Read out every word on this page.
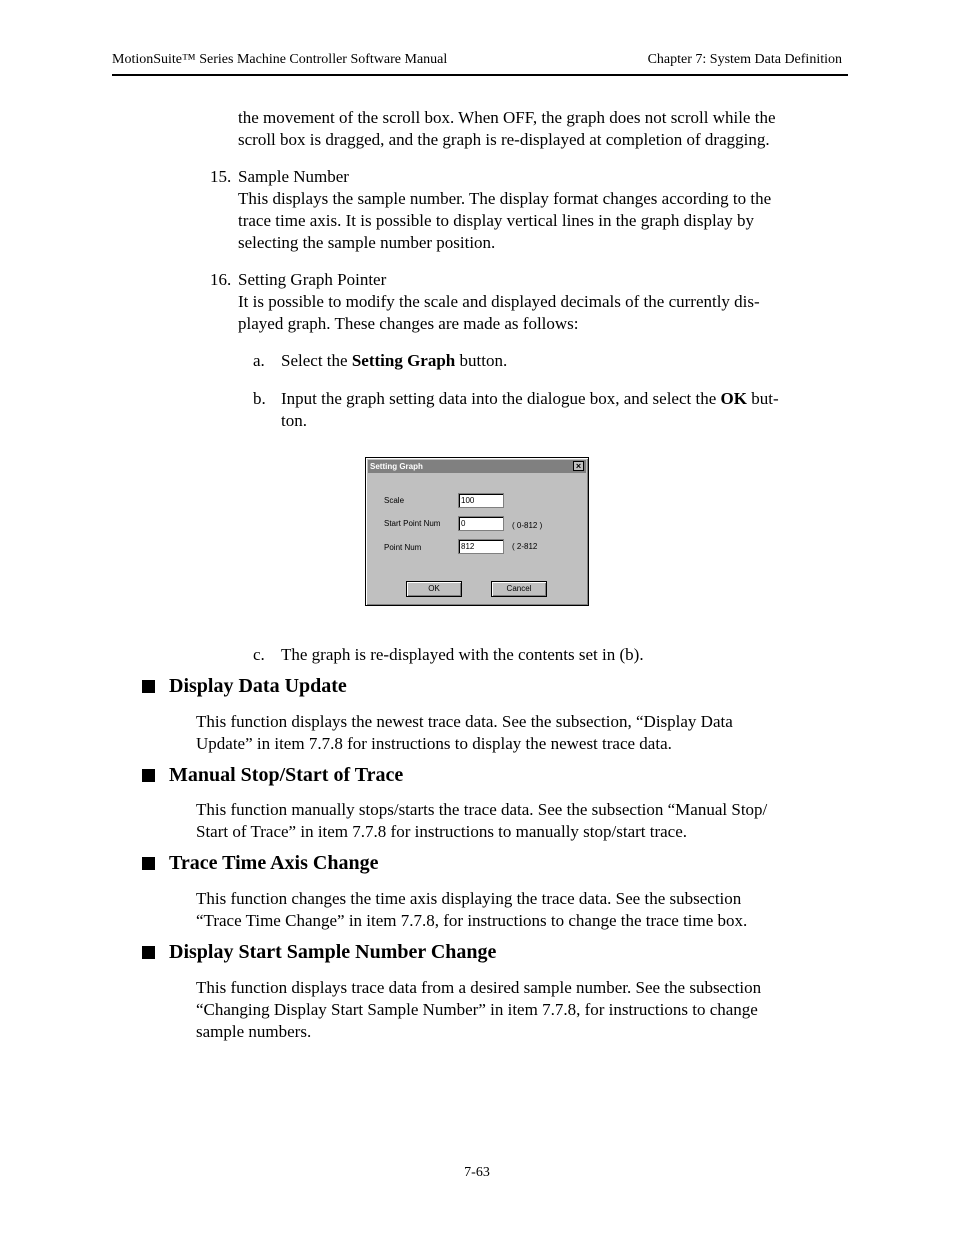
MotionSuite™ Series Machine Controller Software Manual	Chapter 7: System Data Definition
the movement of the scroll box. When OFF, the graph does not scroll while the
scroll box is dragged, and the graph is re-displayed at completion of dragging.
15. Sample Number
This displays the sample number. The display format changes according to the
trace time axis. It is possible to display vertical lines in the graph display by
selecting the sample number position.
16. Setting Graph Pointer
It is possible to modify the scale and displayed decimals of the currently dis-
played graph. These changes are made as follows:
a. Select the Setting Graph button.
b. Input the graph setting data into the dialogue box, and select the OK but-
ton.
Setting Graph	×
Scale	100
Start Point Num	0	( 0-812 )
Point Num	812	( 2-812
OK	Cancel
c. The graph is re-displayed with the contents set in (b).
Display Data Update
This function displays the newest trace data. See the subsection, “Display Data
Update” in item 7.7.8 for instructions to display the newest trace data.
Manual Stop/Start of Trace
This function manually stops/starts the trace data. See the subsection “Manual Stop/
Start of Trace” in item 7.7.8 for instructions to manually stop/start trace.
Trace Time Axis Change
This function changes the time axis displaying the trace data. See the subsection
“Trace Time Change” in item 7.7.8, for instructions to change the trace time box.
Display Start Sample Number Change
This function displays trace data from a desired sample number. See the subsection
“Changing Display Start Sample Number” in item 7.7.8, for instructions to change
sample numbers.
7-63
